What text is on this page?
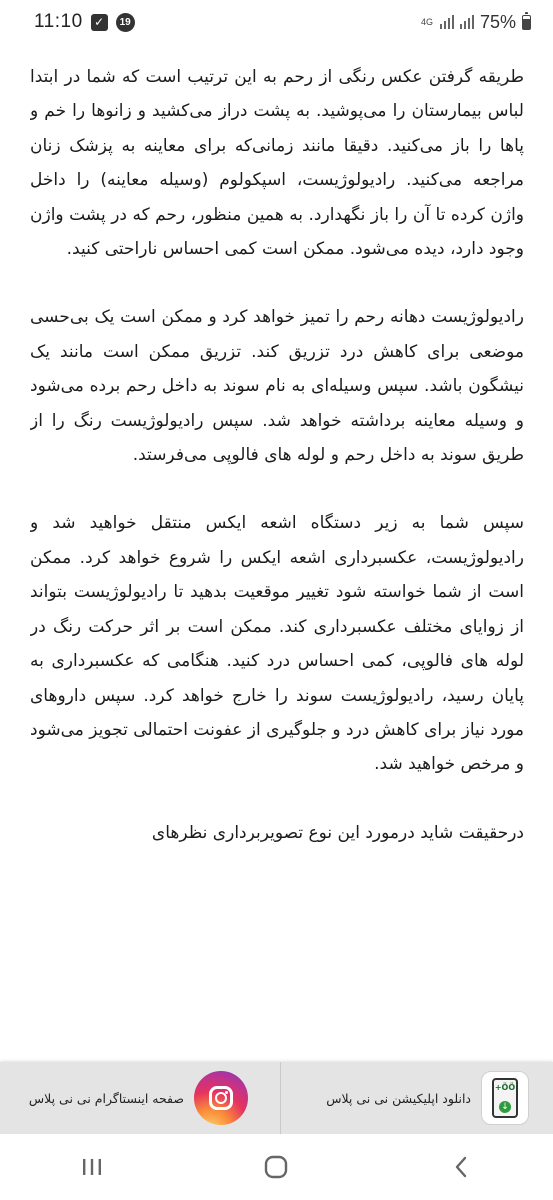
11:10 ✓	19	4G	75%

طریقه گرفتن عکس رنگی از رحم به این ترتیب است که شما در ابتدا لباس بیمارستان را می‌پوشید. به پشت دراز می‌کشید و زانوها را خم و پاها را باز می‌کنید. دقیقا مانند زمانی‌که برای معاینه به پزشک زنان مراجعه می‌کنید. رادیولوژیست، اسپکولوم (وسیله معاینه) را داخل واژن کرده تا آن را باز نگهدارد. به همین منظور، رحم که در پشت واژن وجود دارد، دیده می‌شود. ممکن است کمی احساس ناراحتی کنید.

رادیولوژیست دهانه رحم را تمیز خواهد کرد و ممکن است یک بی‌حسی موضعی برای کاهش درد تزریق کند. تزریق ممکن است مانند یک نیشگون باشد. سپس وسیله‌ای به نام سوند به داخل رحم برده می‌شود و وسیله معاینه برداشته خواهد شد. سپس رادیولوژیست رنگ را از طریق سوند به داخل رحم و لوله های فالوپی می‌فرستد.

سپس شما به زیر دستگاه اشعه ایکس منتقل خواهید شد و رادیولوژیست، عکسبرداری اشعه ایکس را شروع خواهد کرد. ممکن است از شما خواسته شود تغییر موقعیت بدهید تا رادیولوژیست بتواند از زوایای مختلف عکسبرداری کند. ممکن است بر اثر حرکت رنگ در لوله های فالوپی، کمی احساس درد کنید. هنگامی که عکسبرداری به پایان رسید، رادیولوژیست سوند را خارج خواهد کرد. سپس داروهای مورد نیاز برای کاهش درد و جلوگیری از عفونت احتمالی تجویز می‌شود و مرخص خواهید شد.

درحقیقت شاید درمورد این نوع تصویربرداری نظرهای

صفحه اینستاگرام نی نی پلاس	دانلود اپلیکیشن نی نی پلاس
+ÖÖ
↓
